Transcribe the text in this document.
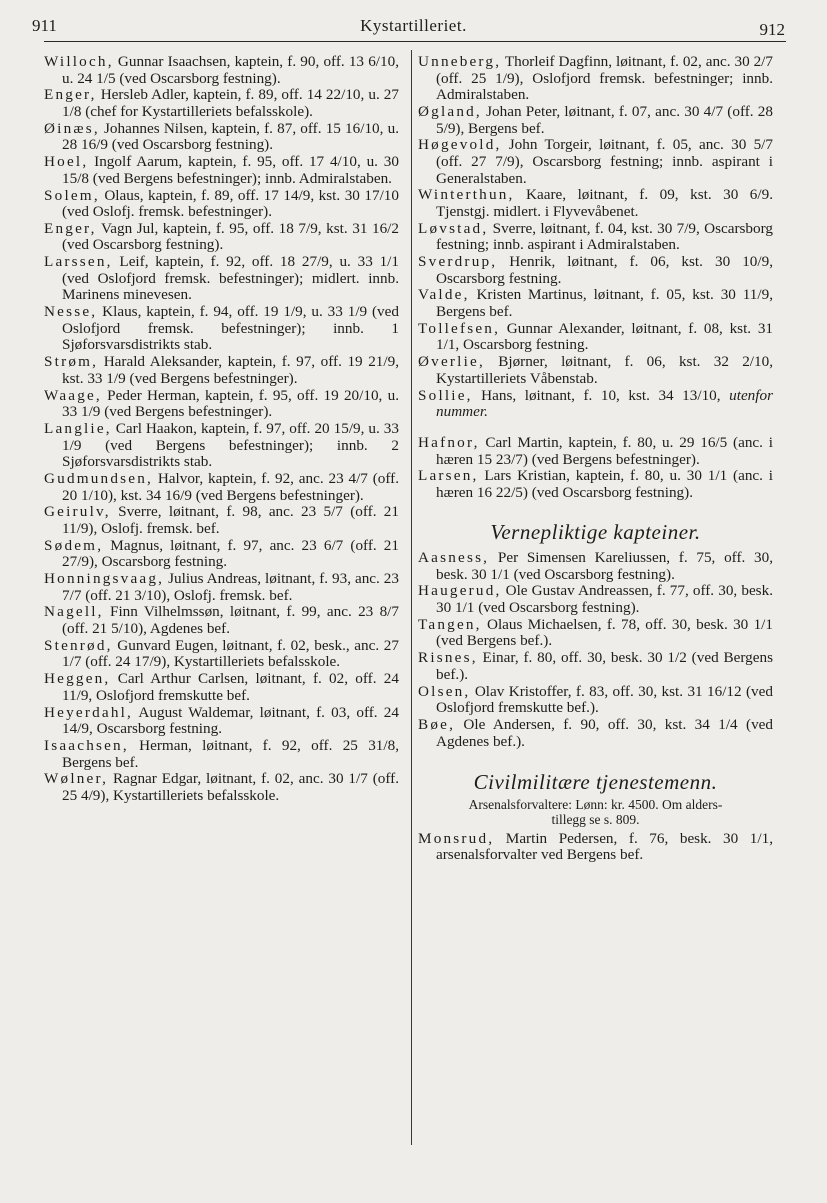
911	Kystartilleriet.	912

Willoch, Gunnar Isaachsen, kaptein, f. 90, off. 13 6/10, u. 24 1/5 (ved Oscarsborg festning).

Enger, Hersleb Adler, kaptein, f. 89, off. 14 22/10, u. 27 1/8 (chef for Kystartilleriets befalsskole).

Øinæs, Johannes Nilsen, kaptein, f. 87, off. 15 16/10, u. 28 16/9 (ved Oscarsborg festning).

Hoel, Ingolf Aarum, kaptein, f. 95, off. 17 4/10, u. 30 15/8 (ved Bergens befestninger); innb. Admiralstaben.

Solem, Olaus, kaptein, f. 89, off. 17 14/9, kst. 30 17/10 (ved Oslofj. fremsk. befestninger).

Enger, Vagn Jul, kaptein, f. 95, off. 18 7/9, kst. 31 16/2 (ved Oscarsborg festning).

Larssen, Leif, kaptein, f. 92, off. 18 27/9, u. 33 1/1 (ved Oslofjord fremsk. befestninger); midlert. innb. Marinens minevesen.

Nesse, Klaus, kaptein, f. 94, off. 19 1/9, u. 33 1/9 (ved Oslofjord fremsk. befestninger); innb. 1 Sjøforsvarsdistrikts stab.

Strøm, Harald Aleksander, kaptein, f. 97, off. 19 21/9, kst. 33 1/9 (ved Bergens befestninger).

Waage, Peder Herman, kaptein, f. 95, off. 19 20/10, u. 33 1/9 (ved Bergens befestninger).

Langlie, Carl Haakon, kaptein, f. 97, off. 20 15/9, u. 33 1/9 (ved Bergens befestninger); innb. 2 Sjøforsvarsdistrikts stab.

Gudmundsen, Halvor, kaptein, f. 92, anc. 23 4/7 (off. 20 1/10), kst. 34 16/9 (ved Bergens befestninger).

Geirulv, Sverre, løitnant, f. 98, anc. 23 5/7 (off. 21 11/9), Oslofj. fremsk. bef.

Sødem, Magnus, løitnant, f. 97, anc. 23 6/7 (off. 21 27/9), Oscarsborg festning.

Honningsvaag, Julius Andreas, løitnant, f. 93, anc. 23 7/7 (off. 21 3/10), Oslofj. fremsk. bef.

Nagell, Finn Vilhelmssøn, løitnant, f. 99, anc. 23 8/7 (off. 21 5/10), Agdenes bef.

Stenrød, Gunvard Eugen, løitnant, f. 02, besk., anc. 27 1/7 (off. 24 17/9), Kystartilleriets befalsskole.

Heggen, Carl Arthur Carlsen, løitnant, f. 02, off. 24 11/9, Oslofjord fremskutte bef.

Heyerdahl, August Waldemar, løitnant, f. 03, off. 24 14/9, Oscarsborg festning.

Isaachsen, Herman, løitnant, f. 92, off. 25 31/8, Bergens bef.

Wølner, Ragnar Edgar, løitnant, f. 02, anc. 30 1/7 (off. 25 4/9), Kystartilleriets befalsskole.

Unneberg, Thorleif Dagfinn, løitnant, f. 02, anc. 30 2/7 (off. 25 1/9), Oslofjord fremsk. befestninger; innb. Admiralstaben.

Øgland, Johan Peter, løitnant, f. 07, anc. 30 4/7 (off. 28 5/9), Bergens bef.

Høgevold, John Torgeir, løitnant, f. 05, anc. 30 5/7 (off. 27 7/9), Oscarsborg festning; innb. aspirant i Generalstaben.

Winterthun, Kaare, løitnant, f. 09, kst. 30 6/9. Tjenstgj. midlert. i Flyvevåbenet.

Løvstad, Sverre, løitnant, f. 04, kst. 30 7/9, Oscarsborg festning; innb. aspirant i Admiralstaben.

Sverdrup, Henrik, løitnant, f. 06, kst. 30 10/9, Oscarsborg festning.

Valde, Kristen Martinus, løitnant, f. 05, kst. 30 11/9, Bergens bef.

Tollefsen, Gunnar Alexander, løitnant, f. 08, kst. 31 1/1, Oscarsborg festning.

Øverlie, Bjørner, løitnant, f. 06, kst. 32 2/10, Kystartilleriets Våbenstab.

Sollie, Hans, løitnant, f. 10, kst. 34 13/10, utenfor nummer.

Hafnor, Carl Martin, kaptein, f. 80, u. 29 16/5 (anc. i hæren 15 23/7) (ved Bergens befestninger).

Larsen, Lars Kristian, kaptein, f. 80, u. 30 1/1 (anc. i hæren 16 22/5) (ved Oscarsborg festning).

Vernepliktige kapteiner.

Aasness, Per Simensen Kareliussen, f. 75, off. 30, besk. 30 1/1 (ved Oscarsborg festning).

Haugerud, Ole Gustav Andreassen, f. 77, off. 30, besk. 30 1/1 (ved Oscarsborg festning).

Tangen, Olaus Michaelsen, f. 78, off. 30, besk. 30 1/1 (ved Bergens bef.).

Risnes, Einar, f. 80, off. 30, besk. 30 1/2 (ved Bergens bef.).

Olsen, Olav Kristoffer, f. 83, off. 30, kst. 31 16/12 (ved Oslofjord fremskutte bef.).

Bøe, Ole Andersen, f. 90, off. 30, kst. 34 1/4 (ved Agdenes bef.).

Civilmilitære tjenestemenn.
Arsenalsforvaltere: Lønn: kr. 4500. Om alders-
tillegg se s. 809.

Monsrud, Martin Pedersen, f. 76, besk. 30 1/1, arsenalsforvalter ved Bergens bef.
